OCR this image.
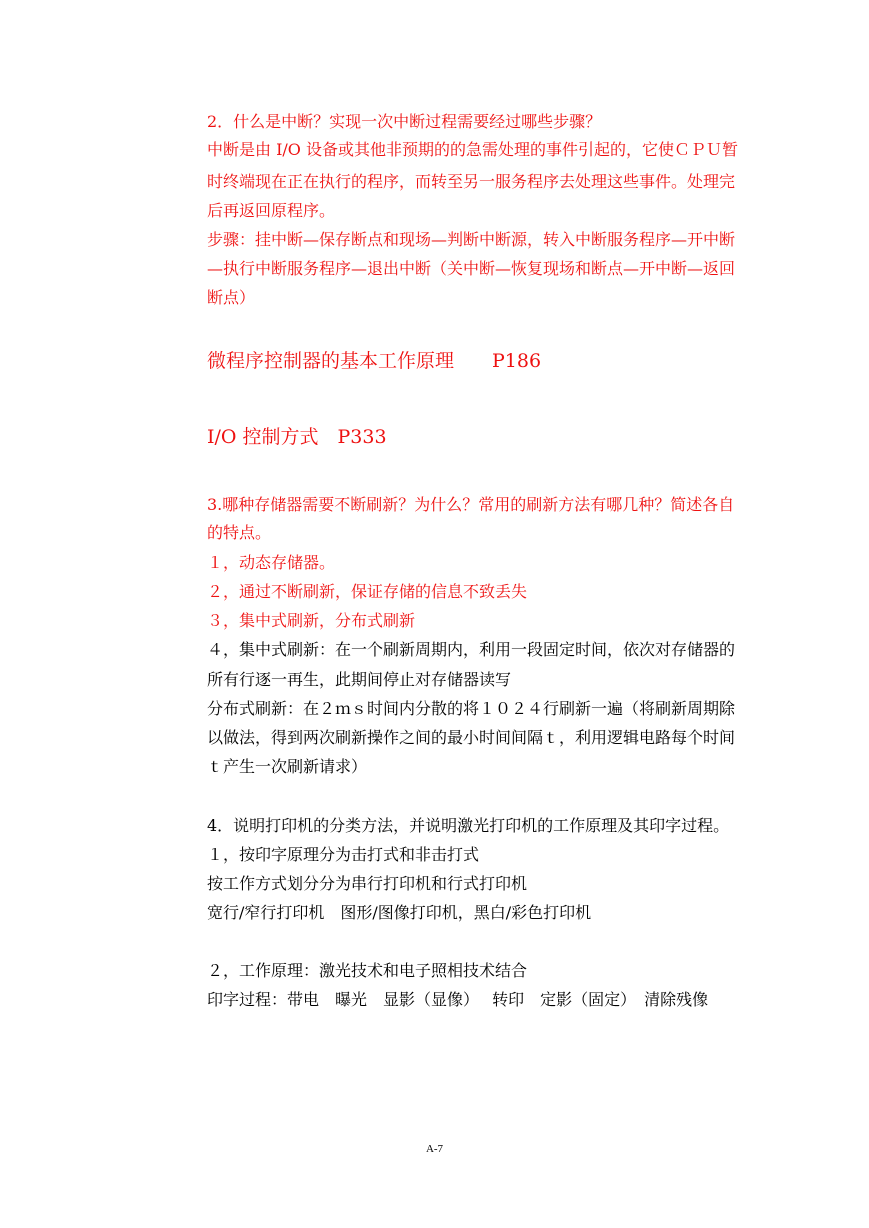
2．什么是中断？实现一次中断过程需要经过哪些步骤？
中断是由 I/O 设备或其他非预期的的急需处理的事件引起的，它使ＣＰＵ暂
时终端现在正在执行的程序，而转至另一服务程序去处理这些事件。处理完
后再返回原程序。
步骤：挂中断—保存断点和现场—判断中断源，转入中断服务程序—开中断
—执行中断服务程序—退出中断（关中断—恢复现场和断点—开中断—返回
断点）
微程序控制器的基本工作原理　　P186
I/O 控制方式　P333
3.哪种存储器需要不断刷新？为什么？常用的刷新方法有哪几种？简述各自
的特点。
１，动态存储器。
２，通过不断刷新，保证存储的信息不致丢失
３，集中式刷新，分布式刷新
４，集中式刷新：在一个刷新周期内，利用一段固定时间，依次对存储器的
所有行逐一再生，此期间停止对存储器读写
分布式刷新：在２ｍｓ时间内分散的将１０２４行刷新一遍（将刷新周期除
以做法，得到两次刷新操作之间的最小时间间隔ｔ，利用逻辑电路每个时间
ｔ产生一次刷新请求）
4．说明打印机的分类方法，并说明激光打印机的工作原理及其印字过程。
１，按印字原理分为击打式和非击打式
按工作方式划分分为串行打印机和行式打印机
宽行/窄行打印机　图形/图像打印机，黑白/彩色打印机
２，工作原理：激光技术和电子照相技术结合
印字过程：带电　曝光　显影（显像）　 转印　定影（固定）　清除残像
A-7
